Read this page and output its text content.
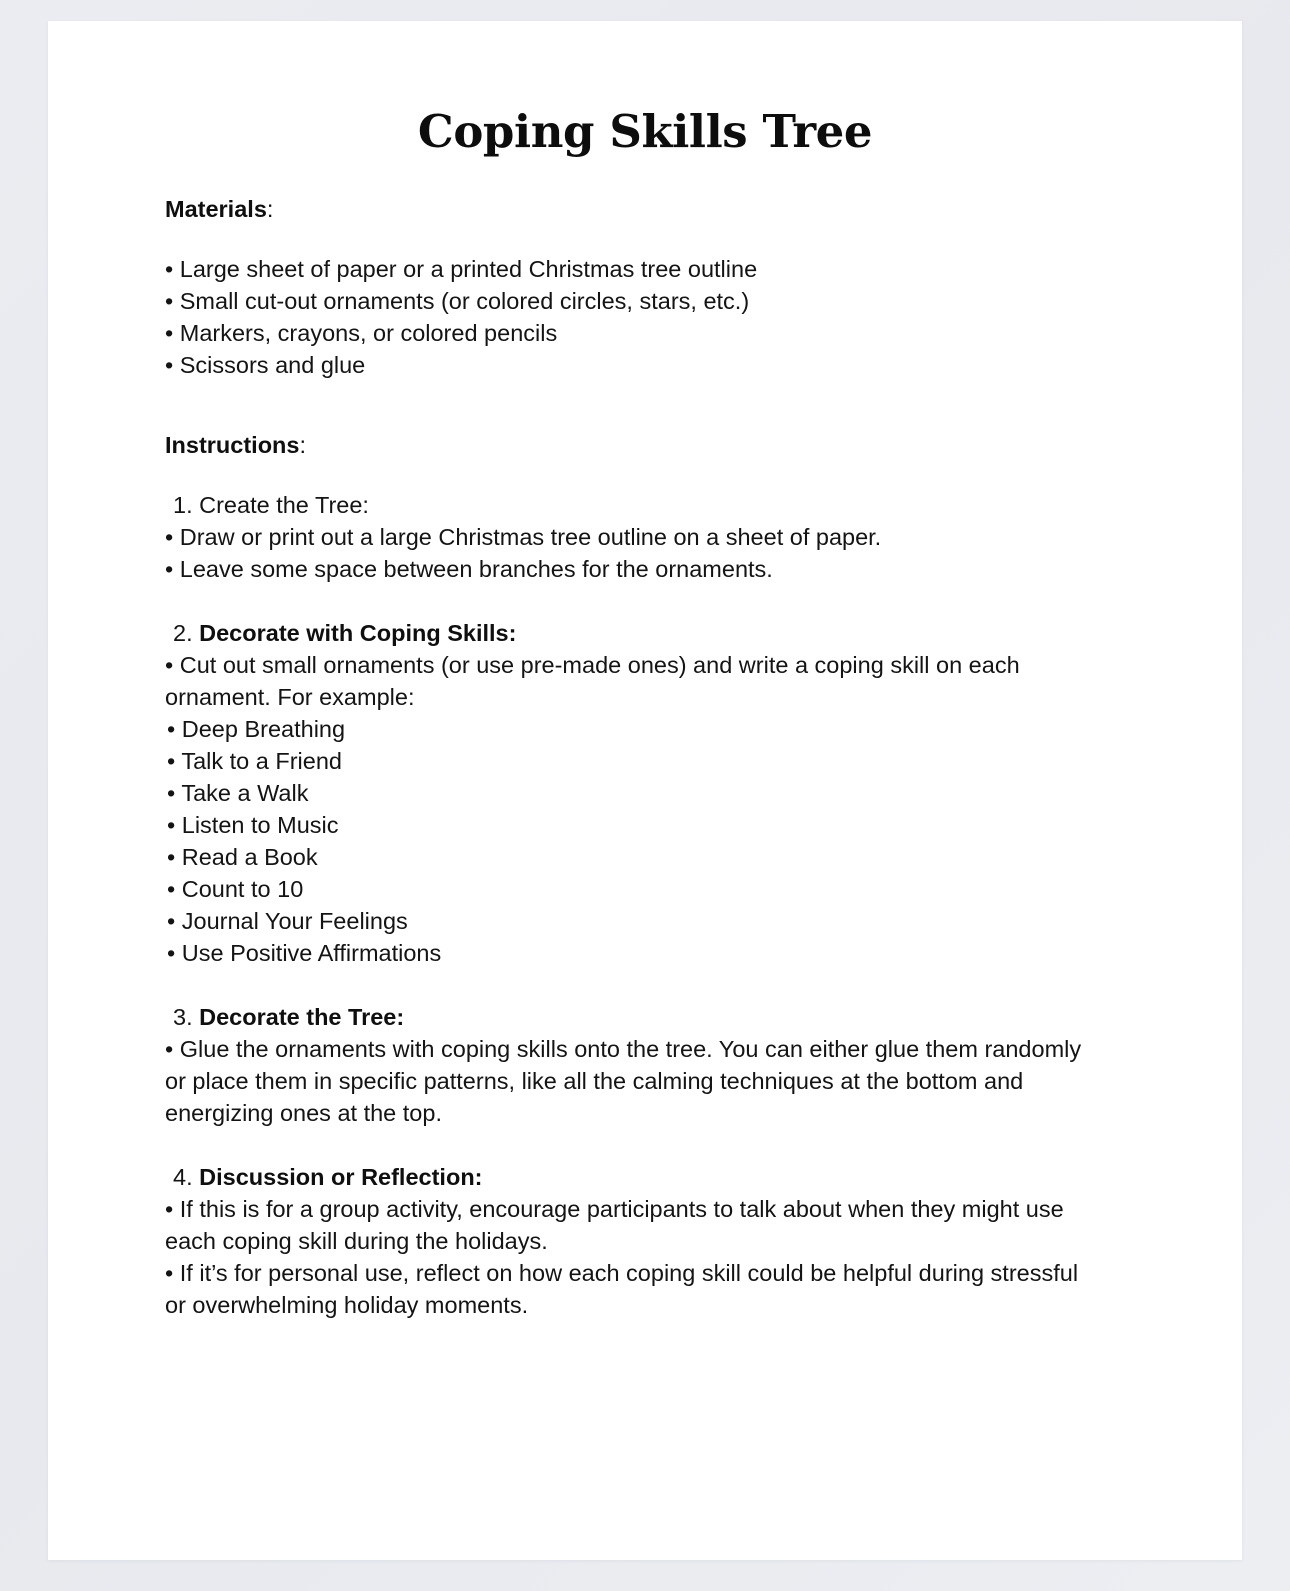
Coping Skills Tree
Materials:
• Large sheet of paper or a printed Christmas tree outline
• Small cut-out ornaments (or colored circles, stars, etc.)
• Markers, crayons, or colored pencils
• Scissors and glue
Instructions:
1. Create the Tree:
• Draw or print out a large Christmas tree outline on a sheet of paper.
• Leave some space between branches for the ornaments.
2. Decorate with Coping Skills:
• Cut out small ornaments (or use pre-made ones) and write a coping skill on each ornament. For example:
• Deep Breathing
• Talk to a Friend
• Take a Walk
• Listen to Music
• Read a Book
• Count to 10
• Journal Your Feelings
• Use Positive Affirmations
3. Decorate the Tree:
• Glue the ornaments with coping skills onto the tree. You can either glue them randomly or place them in specific patterns, like all the calming techniques at the bottom and energizing ones at the top.
4. Discussion or Reflection:
• If this is for a group activity, encourage participants to talk about when they might use each coping skill during the holidays.
• If it’s for personal use, reflect on how each coping skill could be helpful during stressful or overwhelming holiday moments.
